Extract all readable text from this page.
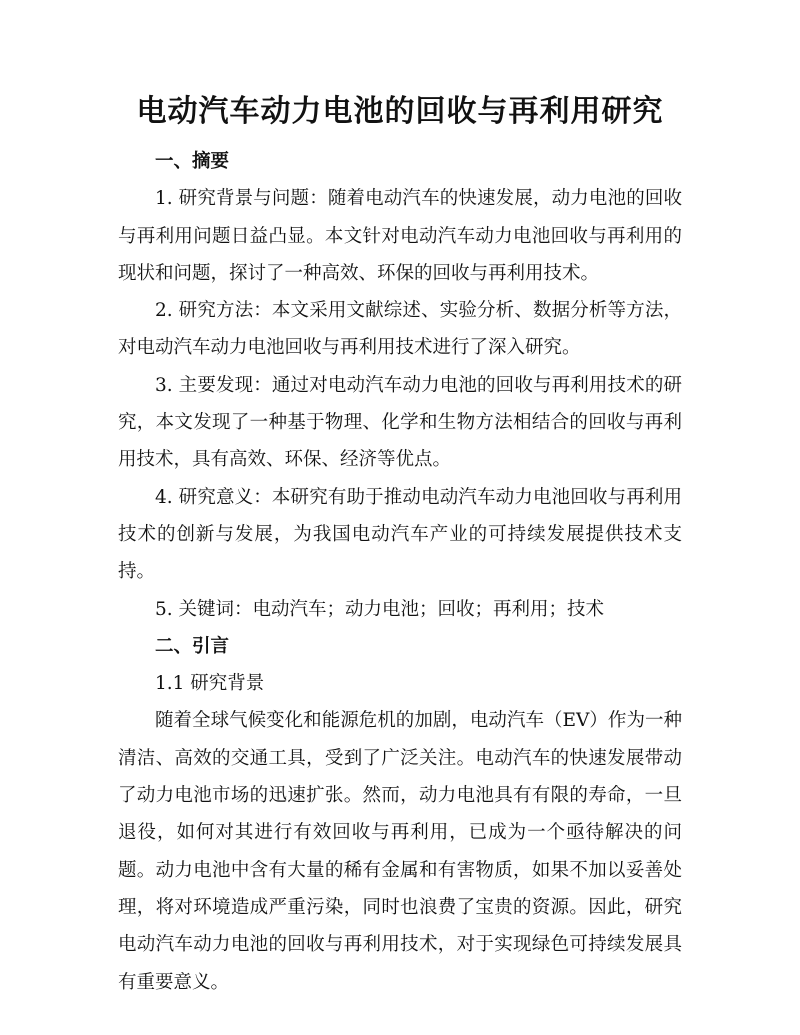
电动汽车动力电池的回收与再利用研究
一、摘要

1. 研究背景与问题：随着电动汽车的快速发展，动力电池的回收与再利用问题日益凸显。本文针对电动汽车动力电池回收与再利用的现状和问题，探讨了一种高效、环保的回收与再利用技术。

2. 研究方法：本文采用文献综述、实验分析、数据分析等方法，对电动汽车动力电池回收与再利用技术进行了深入研究。

3. 主要发现：通过对电动汽车动力电池的回收与再利用技术的研究，本文发现了一种基于物理、化学和生物方法相结合的回收与再利用技术，具有高效、环保、经济等优点。

4. 研究意义：本研究有助于推动电动汽车动力电池回收与再利用技术的创新与发展，为我国电动汽车产业的可持续发展提供技术支持。

5. 关键词：电动汽车；动力电池；回收；再利用；技术

二、引言

1.1 研究背景

随着全球气候变化和能源危机的加剧，电动汽车（EV）作为一种清洁、高效的交通工具，受到了广泛关注。电动汽车的快速发展带动了动力电池市场的迅速扩张。然而，动力电池具有有限的寿命，一旦退役，如何对其进行有效回收与再利用，已成为一个亟待解决的问题。动力电池中含有大量的稀有金属和有害物质，如果不加以妥善处理，将对环境造成严重污染，同时也浪费了宝贵的资源。因此，研究电动汽车动力电池的回收与再利用技术，对于实现绿色可持续发展具有重要意义。
